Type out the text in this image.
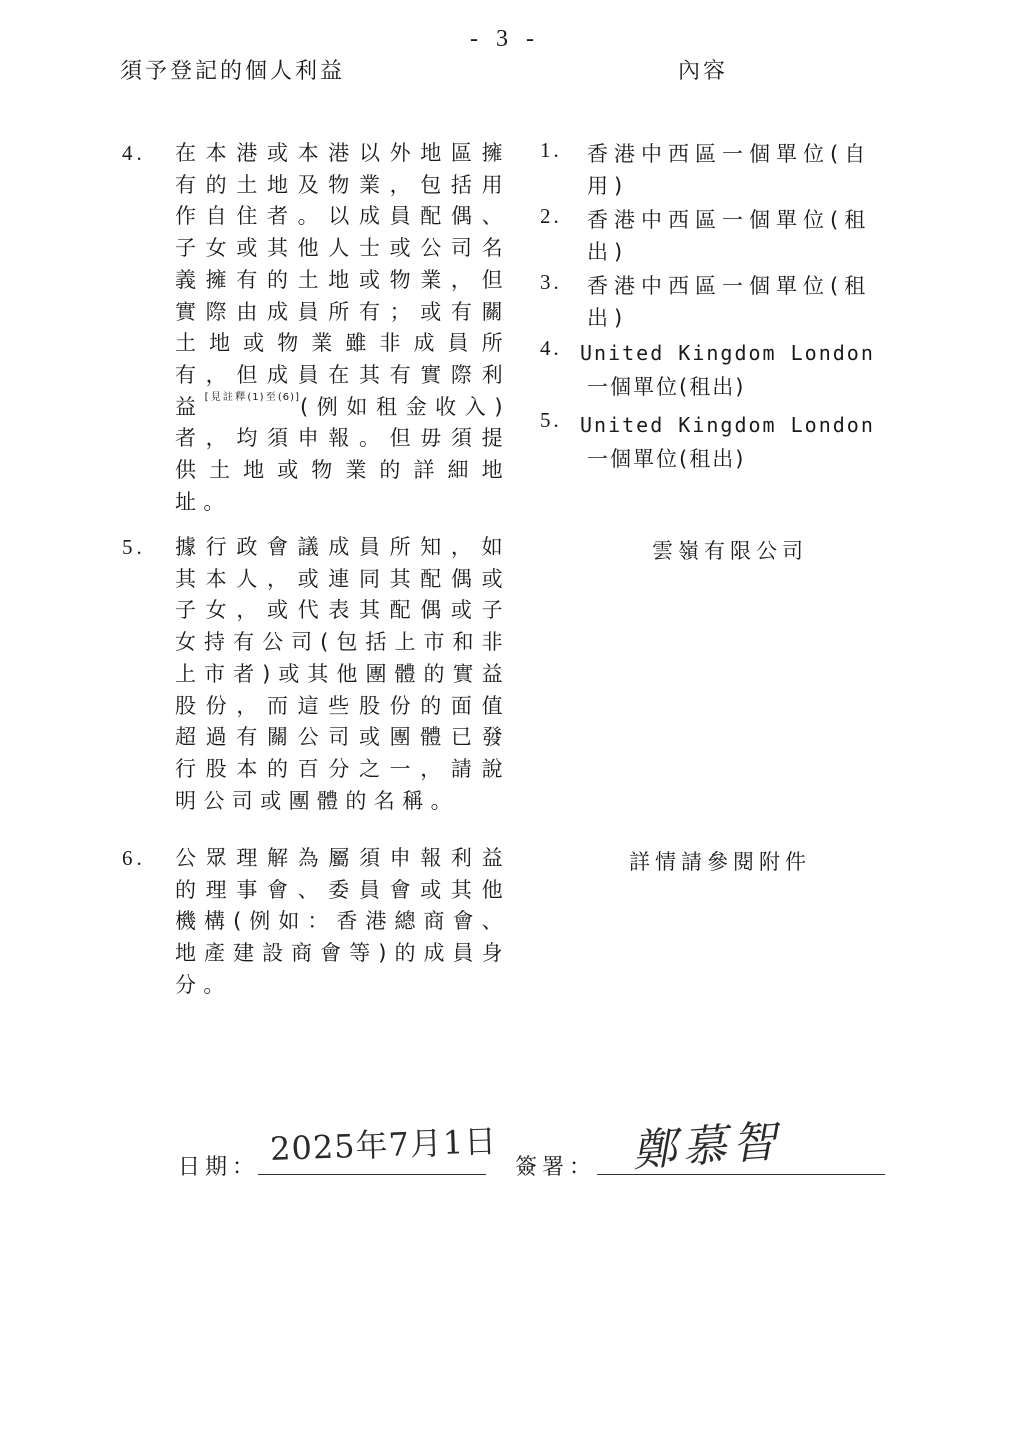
- 3 -
須予登記的個人利益	內容
4. 在本港或本港以外地區擁有的土地及物業，包括用作自住者。以成員配偶、子女或其他人士或公司名義擁有的土地或物業，但實際由成員所有；或有關土地或物業雖非成員所有，但成員在其有實際利益[見註釋(1)至(6)](例如租金收入)者，均須申報。但毋須提供土地或物業的詳細地址。
1. 香港中西區一個單位(自用)
2. 香港中西區一個單位(租出)
3. 香港中西區一個單位(租出)
4. United Kingdom London
一個單位(租出)
5. United Kingdom London
一個單位(租出)
5. 據行政會議成員所知，如其本人，或連同其配偶或子女，或代表其配偶或子女持有公司(包括上市和非上市者)或其他團體的實益股份，而這些股份的面值超過有關公司或團體已發行股本的百分之一，請說明公司或團體的名稱。
雲嶺有限公司
6. 公眾理解為屬須申報利益的理事會、委員會或其他機構(例如：香港總商會、地產建設商會等)的成員身分。
詳情請參閱附件
日期： 2025年7月1日 簽署： 鄭慕智
